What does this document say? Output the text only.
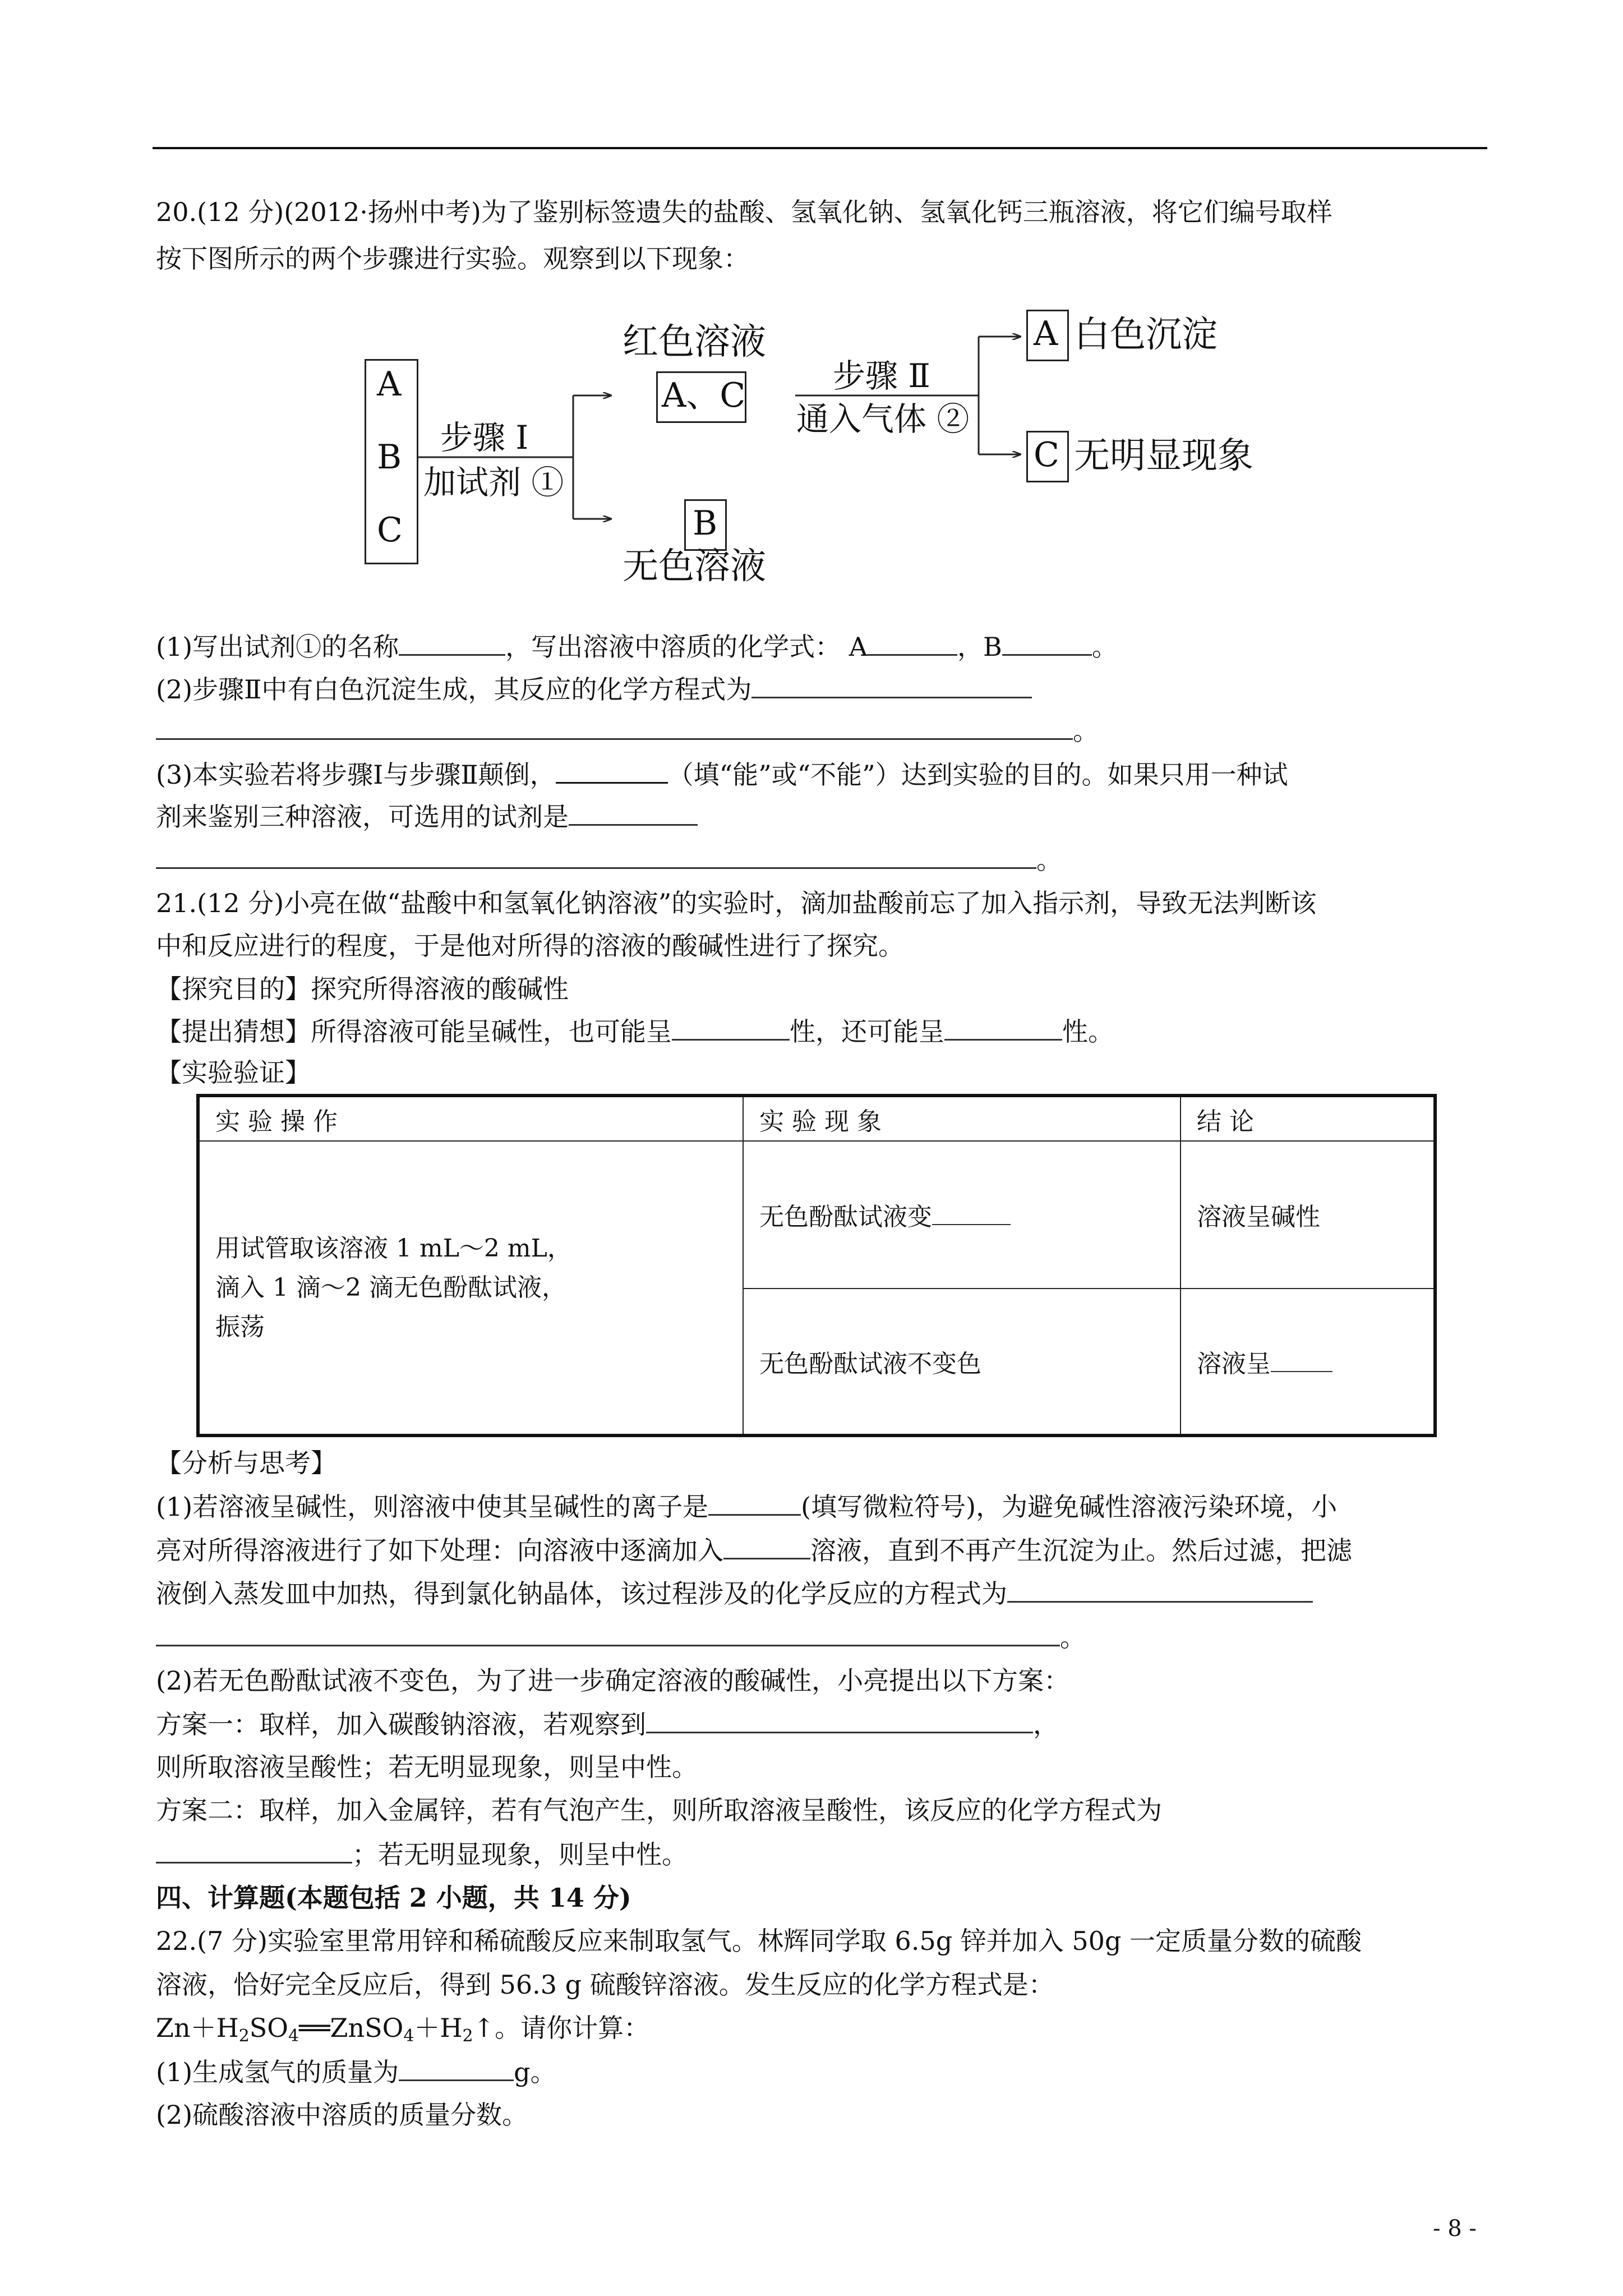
20.(12 分)(2012·扬州中考)为了鉴别标签遗失的盐酸、氢氧化钠、氢氧化钙三瓶溶液，将它们编号取样
按下图所示的两个步骤进行实验。观察到以下现象：
A
B
C
步骤 Ⅰ
加试剂 ①
红色溶液
A、C
B
无色溶液
步骤 Ⅱ
通入气体 ②
A 白色沉淀
C 无明显现象
(1)写出试剂①的名称	，写出溶液中溶质的化学式： A	，B	。
(2)步骤Ⅱ中有白色沉淀生成，其反应的化学方程式为
。
(3)本实验若将步骤Ⅰ与步骤Ⅱ颠倒，	（填“能”或“不能”）达到实验的目的。如果只用一种试
剂来鉴别三种溶液，可选用的试剂是
。
21.(12 分)小亮在做“盐酸中和氢氧化钠溶液”的实验时，滴加盐酸前忘了加入指示剂，导致无法判断该
中和反应进行的程度，于是他对所得的溶液的酸碱性进行了探究。
【探究目的】探究所得溶液的酸碱性
【提出猜想】所得溶液可能呈碱性，也可能呈	性，还可能呈	性。
【实验验证】
实 验 操 作	实 验 现 象	结 论

用试管取该溶液 1 mL～2 mL，
滴入 1 滴～2 滴无色酚酞试液，
振荡	无色酚酞试液变	溶液呈碱性
	无色酚酞试液不变色	溶液呈
【分析与思考】
(1)若溶液呈碱性，则溶液中使其呈碱性的离子是	(填写微粒符号)，为避免碱性溶液污染环境，小
亮对所得溶液进行了如下处理：向溶液中逐滴加入	溶液，直到不再产生沉淀为止。然后过滤，把滤
液倒入蒸发皿中加热，得到氯化钠晶体，该过程涉及的化学反应的方程式为
。
(2)若无色酚酞试液不变色，为了进一步确定溶液的酸碱性，小亮提出以下方案：
方案一：取样，加入碳酸钠溶液，若观察到	，
则所取溶液呈酸性；若无明显现象，则呈中性。
方案二：取样，加入金属锌，若有气泡产生，则所取溶液呈酸性，该反应的化学方程式为
；若无明显现象，则呈中性。
四、计算题(本题包括 2 小题，共 14 分)
22.(7 分)实验室里常用锌和稀硫酸反应来制取氢气。林辉同学取 6.5g 锌并加入 50g 一定质量分数的硫酸
溶液，恰好完全反应后，得到 56.3 g 硫酸锌溶液。发生反应的化学方程式是：
$Zn+H_2SO_4══ZnSO_4+H_2↑$。请你计算：
(1)生成氢气的质量为	g。
(2)硫酸溶液中溶质的质量分数。
- 8 -
